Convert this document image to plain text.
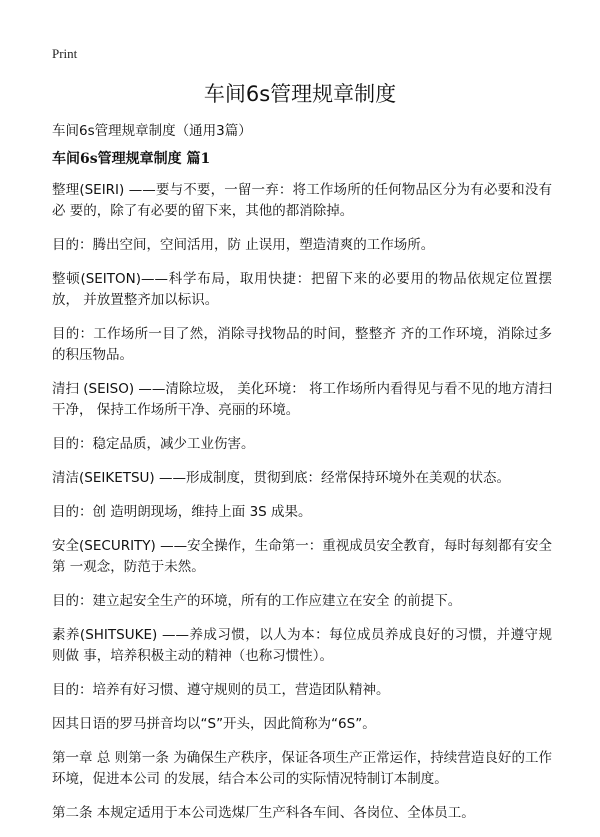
Print
车间6s管理规章制度

车间6s管理规章制度（通用3篇）

车间6s管理规章制度 篇1

整理(SEIRI) ——要与不要，一留一弃：将工作场所的任何物品区分为有必要和没有必 要的，除了有必要的留下来，其他的都消除掉。

目的：腾出空间，空间活用，防 止误用，塑造清爽的工作场所。

整顿(SEITON)——科学布局，取用快捷：把留下来的必要用的物品依规定位置摆放， 并放置整齐加以标识。

目的：工作场所一目了然，消除寻找物品的时间，整整齐 齐的工作环境，消除过多的积压物品。

清扫 (SEISO) ——清除垃圾， 美化环境： 将工作场所内看得见与看不见的地方清扫干净， 保持工作场所干净、亮丽的环境。

目的：稳定品质，减少工业伤害。

清洁(SEIKETSU) ——形成制度，贯彻到底：经常保持环境外在美观的状态。

目的：创 造明朗现场，维持上面 3S 成果。

安全(SECURITY) ——安全操作，生命第一：重视成员安全教育，每时每刻都有安全第 一观念，防范于未然。

目的：建立起安全生产的环境，所有的工作应建立在安全 的前提下。

素养(SHITSUKE) ——养成习惯，以人为本：每位成员养成良好的习惯，并遵守规则做 事，培养积极主动的精神（也称习惯性）。

目的：培养有好习惯、遵守规则的员工，营造团队精神。

因其日语的罗马拼音均以“S”开头，因此简称为“6S”。

第一章 总 则第一条 为确保生产秩序，保证各项生产正常运作，持续营造良好的工作环境，促进本公司 的发展，结合本公司的实际情况特制订本制度。

第二条 本规定适用于本公司选煤厂生产科各车间、各岗位、全体员工。
